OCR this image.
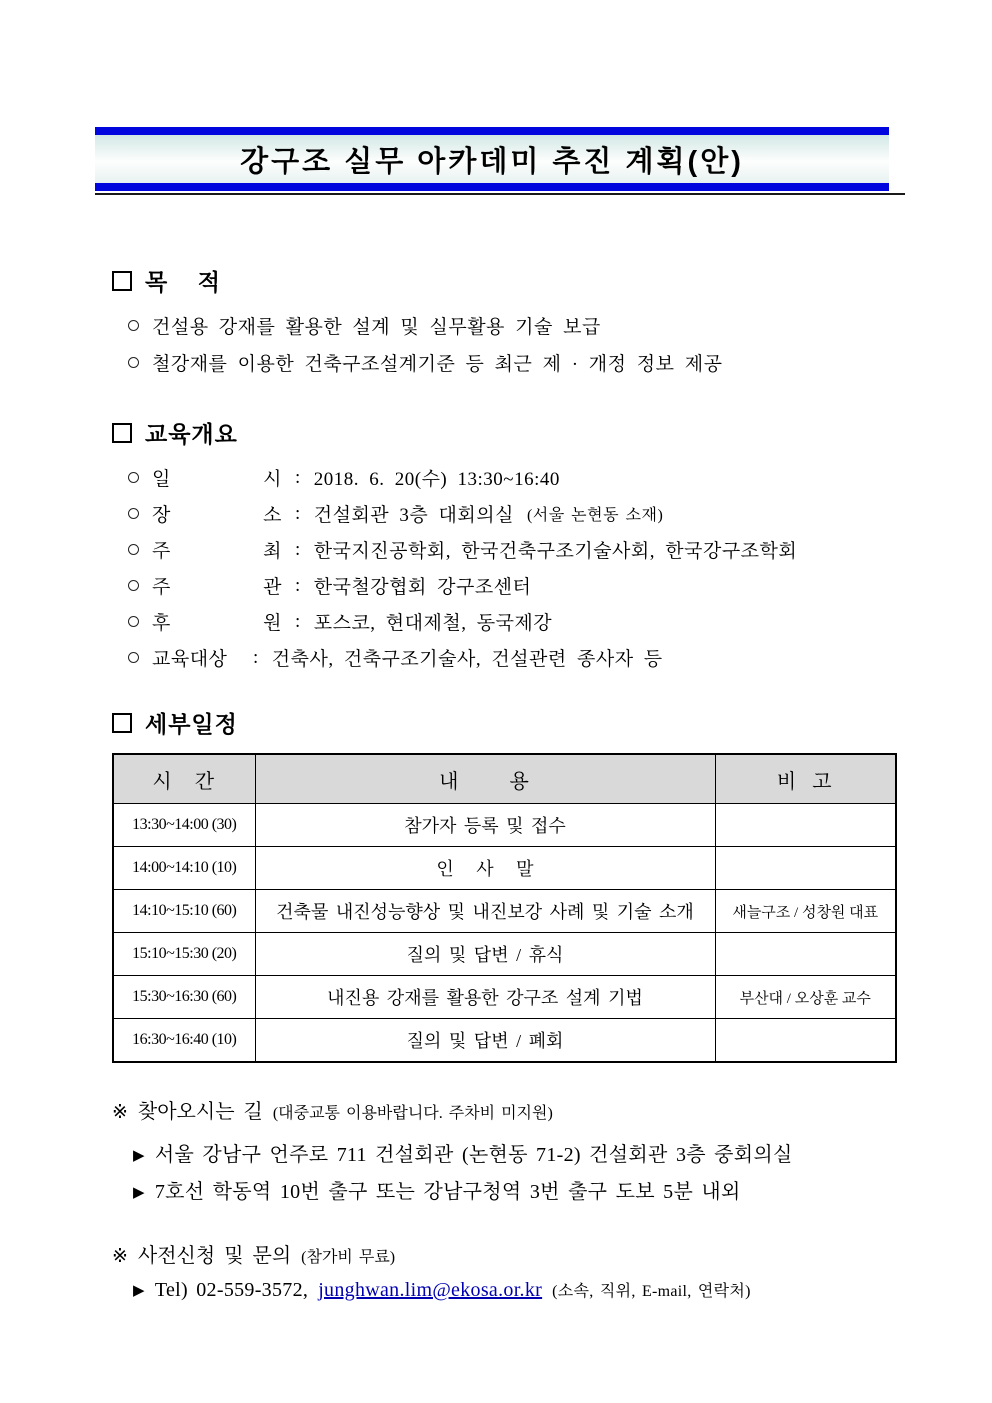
강구조 실무 아카데미 추진 계획(안)
목    적
건설용 강재를 활용한 설계 및 실무활용 기술 보급
철강재를 이용한 건축구조설계기준 등 최근 제 · 개정 정보 제공
교육개요
일         시 : 2018. 6. 20(수) 13:30~16:40
장         소 : 건설회관 3층 대회의실 (서울 논현동 소재)
주         최 : 한국지진공학회, 한국건축구조기술사회, 한국강구조학회
주         관 : 한국철강협회 강구조센터
후         원 : 포스코, 현대제철, 동국제강
교육대상	: 건축사, 건축구조기술사, 건설관련 종사자 등
세부일정
시   간	내       용	비  고
13:30~14:00 (30)	참가자 등록 및 접수	
14:00~14:10 (10)	인   사   말	
14:10~15:10 (60)	건축물 내진성능향상 및 내진보강 사례 및 기술 소개	새늘구조 / 성창원 대표
15:10~15:30 (20)	질의 및 답변 / 휴식	
15:30~16:30 (60)	내진용 강재를 활용한 강구조 설계 기법	부산대 / 오상훈 교수
16:30~16:40 (10)	질의 및 답변 / 폐회	
※ 찾아오시는 길 (대중교통 이용바랍니다. 주차비 미지원)
▶ 서울 강남구 언주로 711 건설회관 (논현동 71-2) 건설회관 3층 중회의실
▶ 7호선 학동역 10번 출구 또는 강남구청역 3번 출구 도보 5분 내외
※ 사전신청 및 문의 (참가비 무료)
▶ Tel) 02-559-3572, junghwan.lim@ekosa.or.kr (소속, 직위, E-mail, 연락처)
